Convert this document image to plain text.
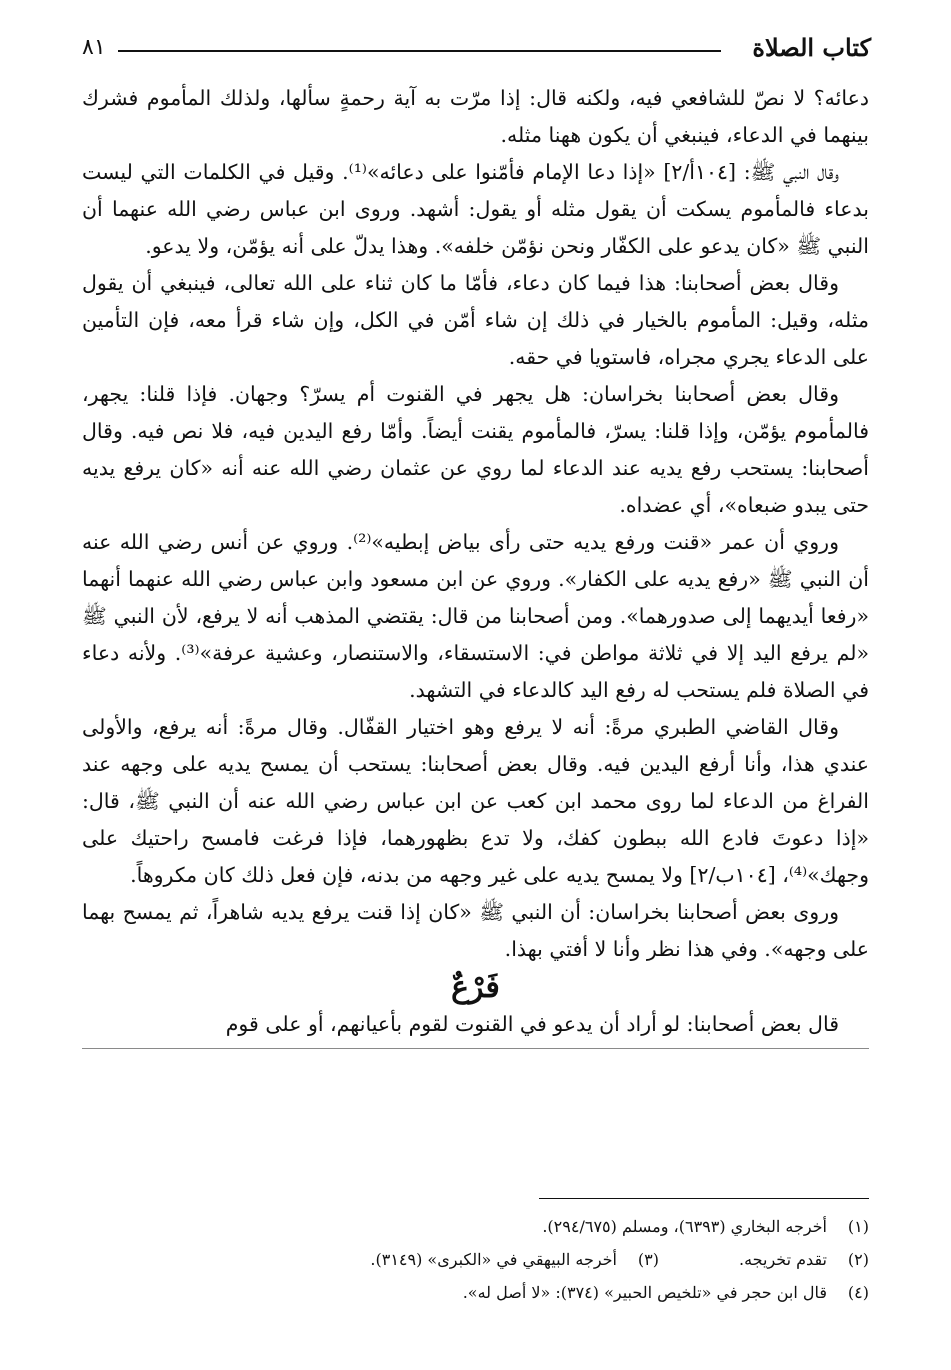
كتاب الصلاة
٨١

دعائه؟ لا نصّ للشافعي فيه، ولكنه قال: إذا مرّت به آية رحمةٍ سألها، ولذلك المأموم فشرك بينهما في الدعاء، فينبغي أن يكون ههنا مثله.

وقال النبي ﷺ: [١٠٤أ/٢] «إذا دعا الإمام فأمّنوا على دعائه»⁽¹⁾. وقيل في الكلمات التي ليست بدعاء فالمأموم يسكت أن يقول مثله أو يقول: أشهد. وروى ابن عباس رضي الله عنهما أن النبي ﷺ «كان يدعو على الكفّار ونحن نؤمّن خلفه». وهذا يدلّ على أنه يؤمّن، ولا يدعو.

وقال بعض أصحابنا: هذا فيما كان دعاء، فأمّا ما كان ثناء على الله تعالى، فينبغي أن يقول مثله، وقيل: المأموم بالخيار في ذلك إن شاء أمّن في الكل، وإن شاء قرأ معه، فإن التأمين على الدعاء يجري مجراه، فاستويا في حقه.

وقال بعض أصحابنا بخراسان: هل يجهر في القنوت أم يسرّ؟ وجهان. فإذا قلنا: يجهر، فالمأموم يؤمّن، وإذا قلنا: يسرّ، فالمأموم يقنت أيضاً. وأمّا رفع اليدين فيه، فلا نص فيه. وقال أصحابنا: يستحب رفع يديه عند الدعاء لما روي عن عثمان رضي الله عنه أنه «كان يرفع يديه حتى يبدو ضبعاه»، أي عضداه.

وروي أن عمر «قنت ورفع يديه حتى رأى بياض إبطيه»⁽²⁾. وروي عن أنس رضي الله عنه أن النبي ﷺ «رفع يديه على الكفار». وروي عن ابن مسعود وابن عباس رضي الله عنهما أنهما «رفعا أيديهما إلى صدورهما». ومن أصحابنا من قال: يقتضي المذهب أنه لا يرفع، لأن النبي ﷺ «لم يرفع اليد إلا في ثلاثة مواطن في: الاستسقاء، والاستنصار، وعشية عرفة»⁽³⁾. ولأنه دعاء في الصلاة فلم يستحب له رفع اليد كالدعاء في التشهد.

وقال القاضي الطبري مرةً: أنه لا يرفع وهو اختيار القفّال. وقال مرةً: أنه يرفع، والأولى عندي هذا، وأنا أرفع اليدين فيه. وقال بعض أصحابنا: يستحب أن يمسح يديه على وجهه عند الفراغ من الدعاء لما روى محمد ابن كعب عن ابن عباس رضي الله عنه أن النبي ﷺ، قال: «إذا دعوتَ فادع الله ببطون كفك، ولا تدع بظهورهما، فإذا فرغت فامسح راحتيك على وجهك»⁽⁴⁾، [١٠٤ب/٢] ولا يمسح يديه على غير وجهه من بدنه، فإن فعل ذلك كان مكروهاً.

وروى بعض أصحابنا بخراسان: أن النبي ﷺ «كان إذا قنت يرفع يديه شاهراً، ثم يمسح بهما على وجهه». وفي هذا نظر وأنا لا أفتي بهذا.

فَرْعٌ

قال بعض أصحابنا: لو أراد أن يدعو في القنوت لقوم بأعيانهم، أو على قوم

(١)
أخرجه البخاري (٦٣٩٣)، ومسلم (٢٩٤/٦٧٥).
(٢)
تقدم تخريجه.
(٣)
أخرجه البيهقي في «الكبرى» (٣١٤٩).
(٤)
قال ابن حجر في «تلخيص الحبير» (٣٧٤): «لا أصل له».
